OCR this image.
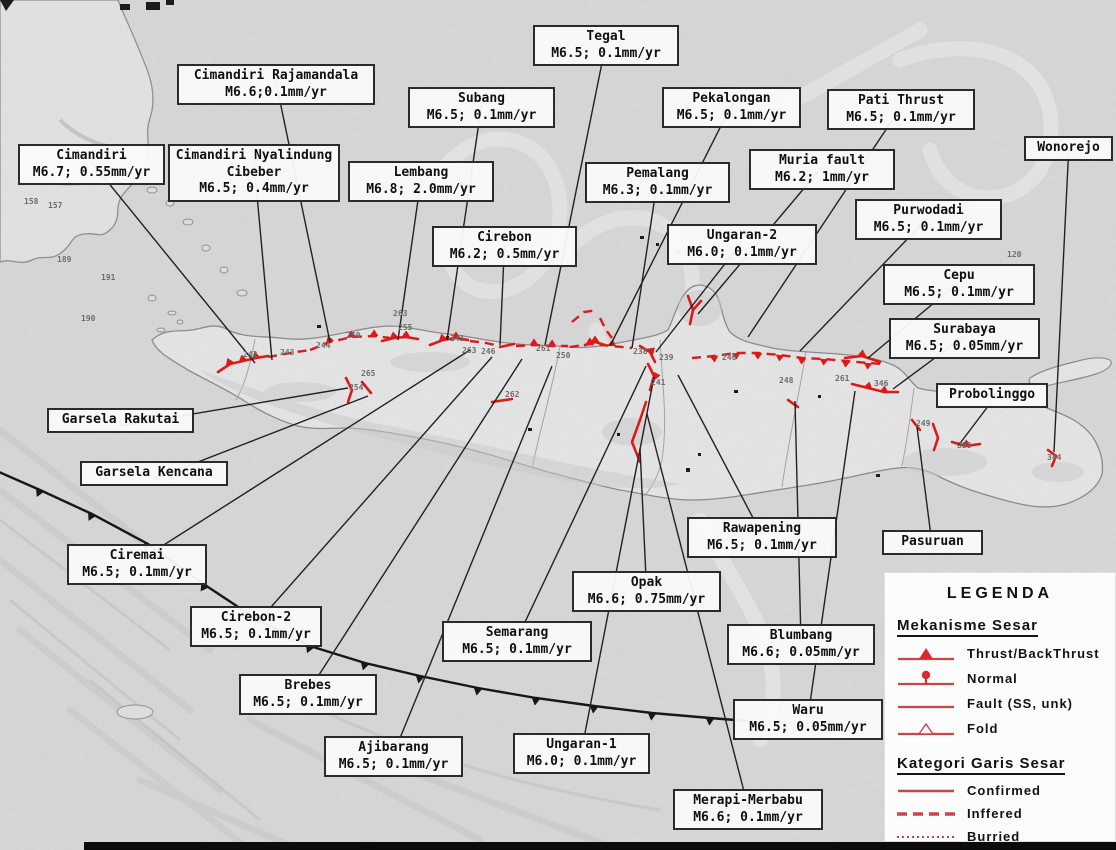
Cimandiri Rajamandala
M6.6;0.1mm/yr
Cimandiri
M6.7; 0.55mm/yr
Cimandiri Nyalindung Cibeber
M6.5; 0.4mm/yr
Lembang
M6.8; 2.0mm/yr
Subang
M6.5; 0.1mm/yr
Tegal
M6.5; 0.1mm/yr
Cirebon
M6.2; 0.5mm/yr
Pekalongan
M6.5; 0.1mm/yr
Pemalang
M6.3; 0.1mm/yr
Muria fault
M6.2; 1mm/yr
Pati Thrust
M6.5; 0.1mm/yr
Purwodadi
M6.5; 0.1mm/yr
Ungaran-2
M6.0; 0.1mm/yr
Cepu
M6.5; 0.1mm/yr
Surabaya
M6.5; 0.05mm/yr
Wonorejo
Probolinggo
Pasuruan
Garsela Rakutai
Garsela Kencana
Ciremai
M6.5; 0.1mm/yr
Cirebon-2
M6.5; 0.1mm/yr
Brebes
M6.5; 0.1mm/yr
Ajibarang
M6.5; 0.1mm/yr
Semarang
M6.5; 0.1mm/yr
Ungaran-1
M6.0; 0.1mm/yr
Rawapening
M6.5; 0.1mm/yr
Opak
M6.6; 0.75mm/yr
Blumbang
M6.6; 0.05mm/yr
Merapi-Merbabu
M6.6; 0.1mm/yr
Waru
M6.5; 0.05mm/yr
LEGENDA
Mekanisme Sesar
Thrust/BackThrust
Normal
Fault (SS, unk)
Fold
Kategori Garis Sesar
Confirmed
Inffered
Burried
158 157
189
191
190
242	243
244
250
263
255
265
254
241
263 246	261
250
262
238
239
241
246
248	261
346
120
249
350
344
